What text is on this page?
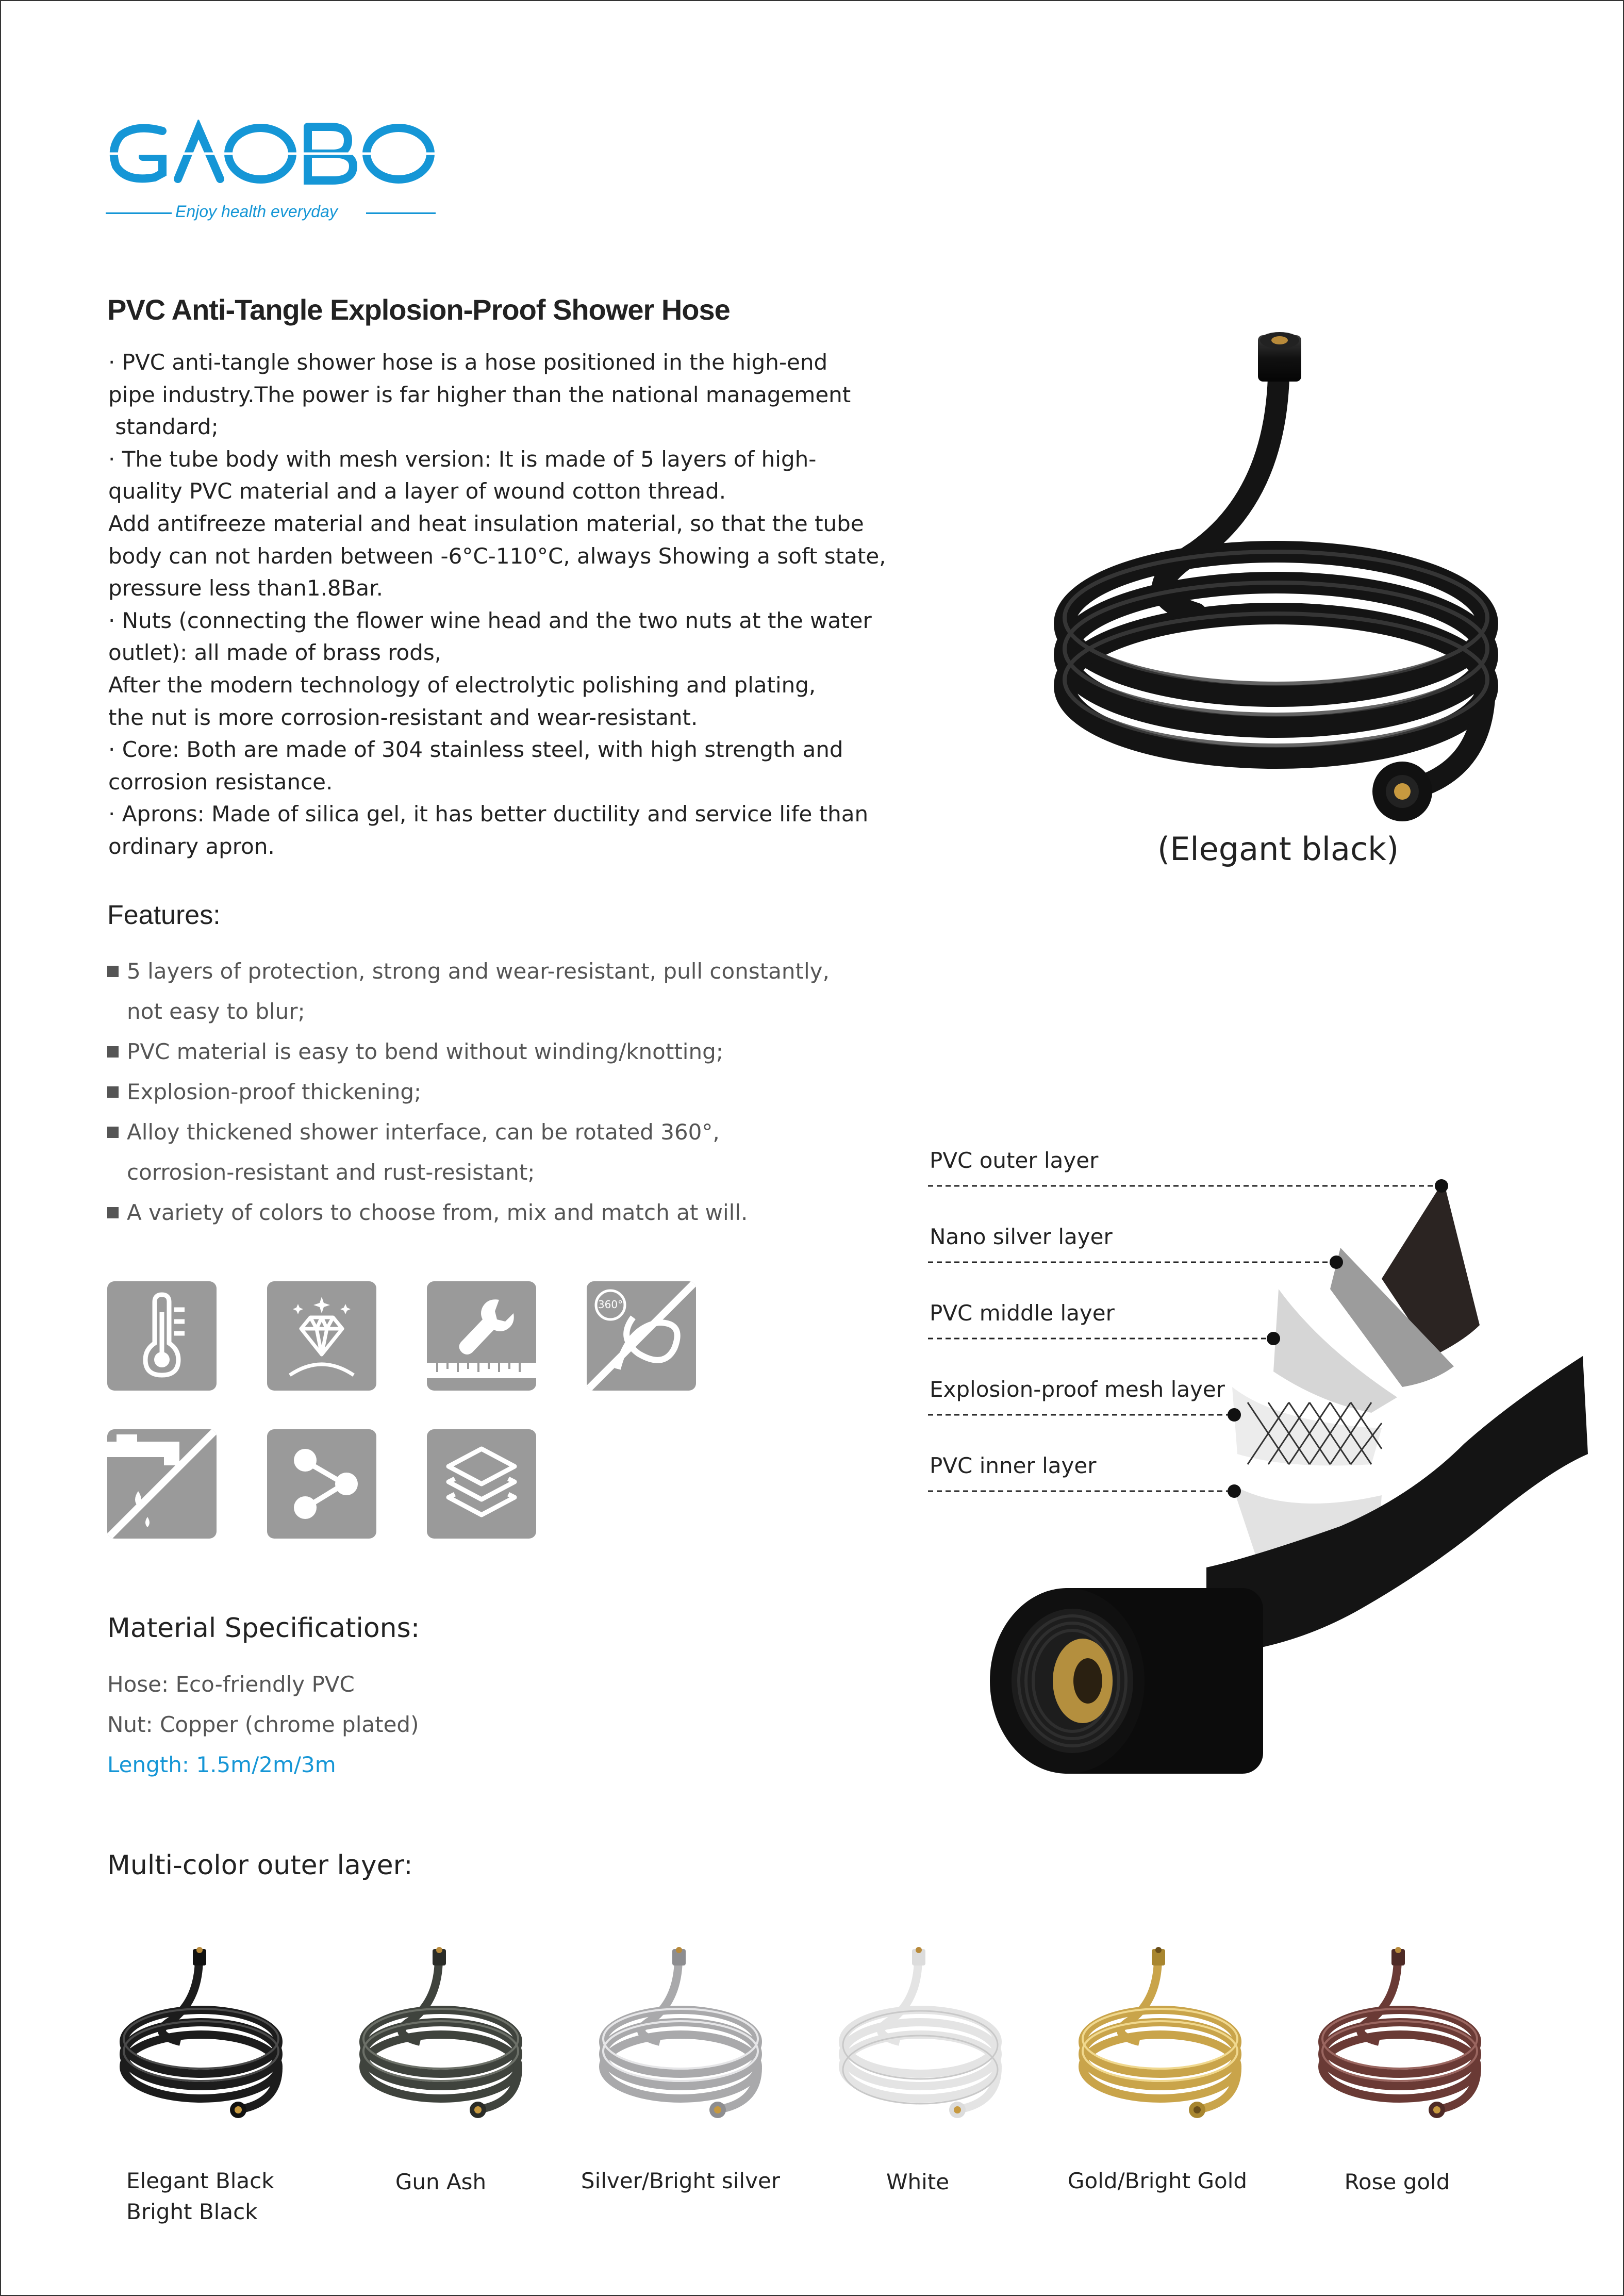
Enjoy health everyday
PVC Anti-Tangle Explosion-Proof Shower Hose
· PVC anti-tangle shower hose is a hose positioned in the high-end
pipe industry.The power is far higher than the national management
standard;
· The tube body with mesh version: It is made of 5 layers of high-
quality PVC material and a layer of wound cotton thread.
Add antifreeze material and heat insulation material, so that the tube
body can not harden between -6°C-110°C, always Showing a soft state,
pressure less than1.8Bar.
· Nuts (connecting the flower wine head and the two nuts at the water
outlet): all made of brass rods,
After the modern technology of electrolytic polishing and plating,
the nut is more corrosion-resistant and wear-resistant.
· Core: Both are made of 304 stainless steel, with high strength and
corrosion resistance.
· Aprons: Made of silica gel, it has better ductility and service life than
ordinary apron.	(Elegant black)
Features:
5 layers of protection, strong and wear-resistant, pull constantly,
not easy to blur;
PVC material is easy to bend without winding/knotting;
Explosion-proof thickening;
Alloy thickened shower interface, can be rotated 360°,
corrosion-resistant and rust-resistant;
A variety of colors to choose from, mix and match at will.
360°
Material Specifications:
Hose: Eco-friendly PVC
Nut: Copper (chrome plated)
Length: 1.5m/2m/3m
PVC outer layer
Nano silver layer
PVC middle layer
Explosion-proof mesh layer
PVC inner layer
Multi-color outer layer:
Elegant Black
Bright Black
Gun Ash	Silver/Bright silver	White	Gold/Bright Gold	Rose gold
